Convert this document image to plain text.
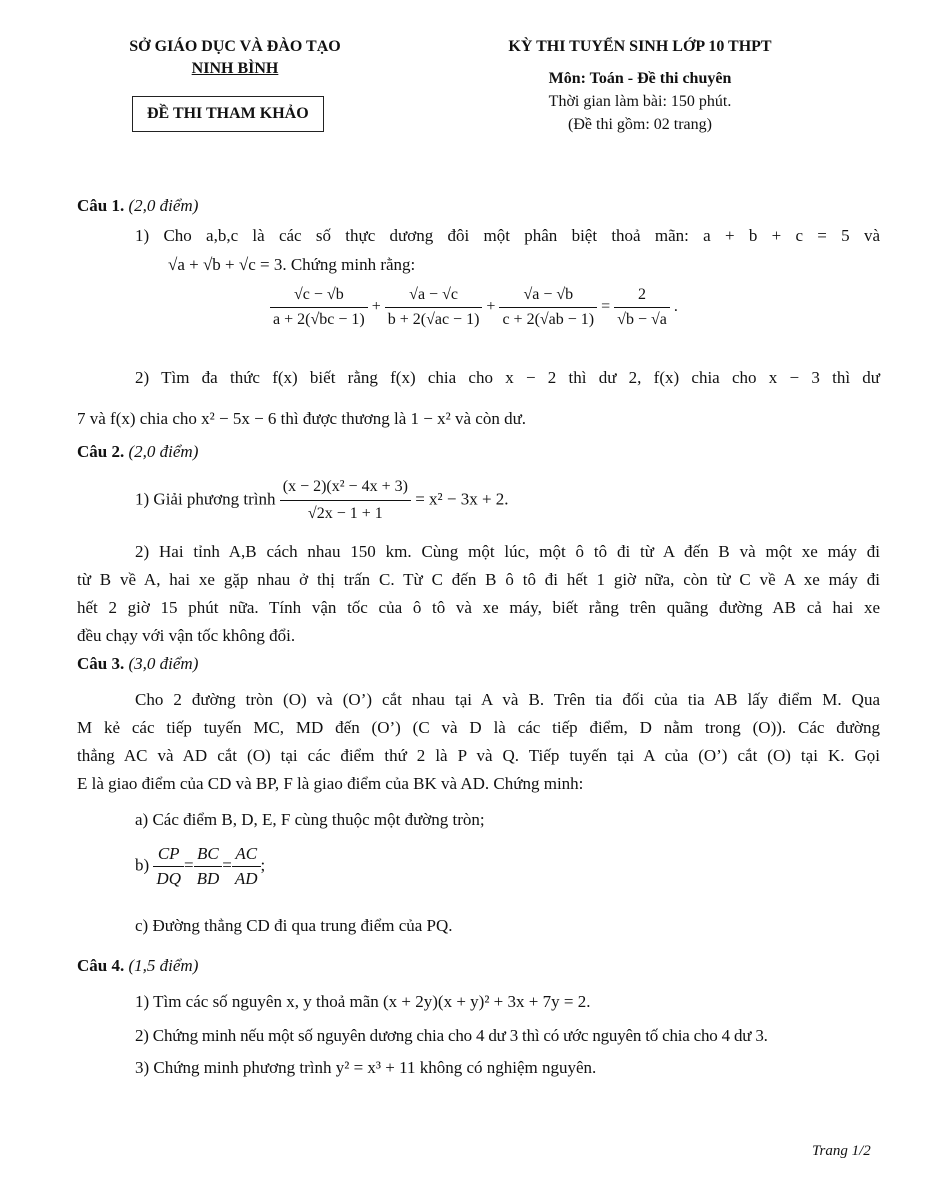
SỞ GIÁO DỤC VÀ ĐÀO TẠO
NINH BÌNH
ĐỀ THI THAM KHẢO
KỲ THI TUYỂN SINH LỚP 10 THPT
Môn: Toán - Đề thi chuyên
Thời gian làm bài: 150 phút.
(Đề thi gồm: 02 trang)
Câu 1. (2,0 điểm)
1) Cho a,b,c là các số thực dương đôi một phân biệt thoả mãn: a + b + c = 5 và
√a + √b + √c = 3. Chứng minh rằng:
$\frac{√c - √b}{a + 2(√bc - 1)} + \frac{√a - √c}{b + 2(√ac - 1)} + \frac{√a - √b}{c + 2(√ab - 1)} = \frac{2}{√b - √a}$ .
2) Tìm đa thức f(x) biết rằng f(x) chia cho x − 2 thì dư 2, f(x) chia cho x − 3 thì dư
7 và f(x) chia cho x² − 5x − 6 thì được thương là 1 − x² và còn dư.
Câu 2. (2,0 điểm)
1) Giải phương trình $\frac{\text{(x − 2)(x² − 4x + 3)}}{√2x - 1 + 1} = x^2 - 3x + 2$.
2) Hai tỉnh A,B cách nhau 150 km. Cùng một lúc, một ô tô đi từ A đến B và một xe máy đi
từ B về A, hai xe gặp nhau ở thị trấn C. Từ C đến B ô tô đi hết 1 giờ nữa, còn từ C về A xe máy đi
hết 2 giờ 15 phút nữa. Tính vận tốc của ô tô và xe máy, biết rằng trên quãng đường AB cả hai xe
đều chạy với vận tốc không đổi.
Câu 3. (3,0 điểm)
Cho 2 đường tròn (O) và (O’) cắt nhau tại A và B. Trên tia đối của tia AB lấy điểm M. Qua
M kẻ các tiếp tuyến MC, MD đến (O’) (C và D là các tiếp điểm, D nằm trong (O)). Các đường
thẳng AC và AD cắt (O) tại các điểm thứ 2 là P và Q. Tiếp tuyến tại A của (O’) cắt (O) tại K. Gọi
E là giao điểm của CD và BP, F là giao điểm của BK và AD. Chứng minh:
a) Các điểm B, D, E, F cùng thuộc một đường tròn;
$b) \frac{CP}{DQ} = \frac{BC}{BD} = \frac{AC}{AD}$ ;
c) Đường thẳng CD đi qua trung điểm của PQ.
Câu 4. (1,5 điểm)
1) Tìm các số nguyên x, y thoả mãn (x + 2y)(x + y)² + 3x + 7y = 2.
2) Chứng minh nếu một số nguyên dương chia cho 4 dư 3 thì có ước nguyên tố chia cho 4 dư 3.
3) Chứng minh phương trình y² = x³ + 11 không có nghiệm nguyên.
Trang 1/2
